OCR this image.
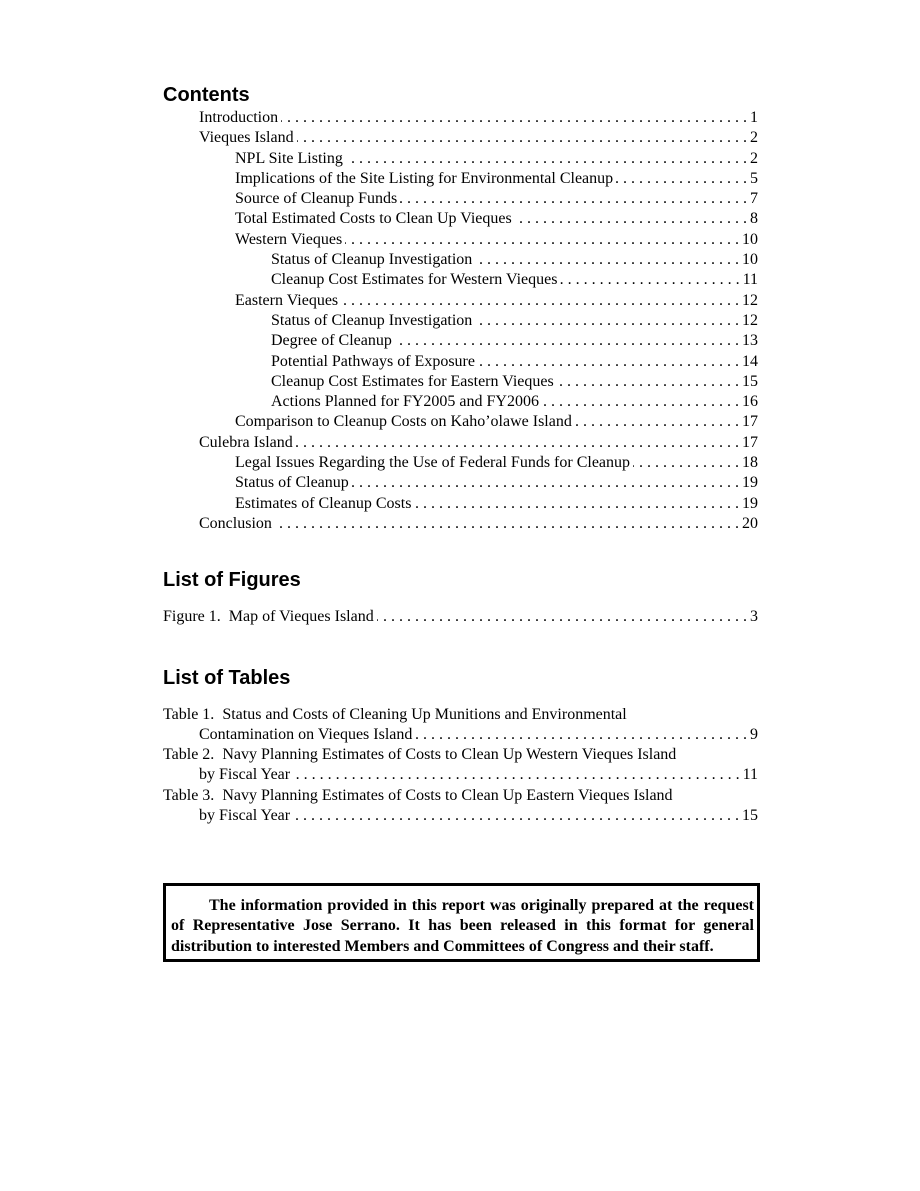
Contents
Introduction . . .	1
Vieques Island . . .	2
NPL Site Listing . . .	2
Implications of the Site Listing for Environmental Cleanup . . .	5
Source of Cleanup Funds . . .	7
Total Estimated Costs to Clean Up Vieques . . .	8
Western Vieques . . .	10
Status of Cleanup Investigation . . .	10
Cleanup Cost Estimates for Western Vieques . . .	11
Eastern Vieques . . .	12
Status of Cleanup Investigation . . .	12
Degree of Cleanup . . .	13
Potential Pathways of Exposure . . .	14
Cleanup Cost Estimates for Eastern Vieques . . .	15
Actions Planned for FY2005 and FY2006 . . .	16
Comparison to Cleanup Costs on Kaho’olawe Island . . .	17
Culebra Island . . .	17
Legal Issues Regarding the Use of Federal Funds for Cleanup . . .	18
Status of Cleanup . . .	19
Estimates of Cleanup Costs . . .	19
Conclusion . . .	20
List of Figures
Figure 1. Map of Vieques Island . . .	3
List of Tables
Table 1. Status and Costs of Cleaning Up Munitions and Environmental
Contamination on Vieques Island . . .	9
Table 2. Navy Planning Estimates of Costs to Clean Up Western Vieques Island
by Fiscal Year . . .	11
Table 3. Navy Planning Estimates of Costs to Clean Up Eastern Vieques Island
by Fiscal Year . . .	15
The information provided in this report was originally prepared at the request of Representative Jose Serrano. It has been released in this format for general distribution to interested Members and Committees of Congress and their staff.
